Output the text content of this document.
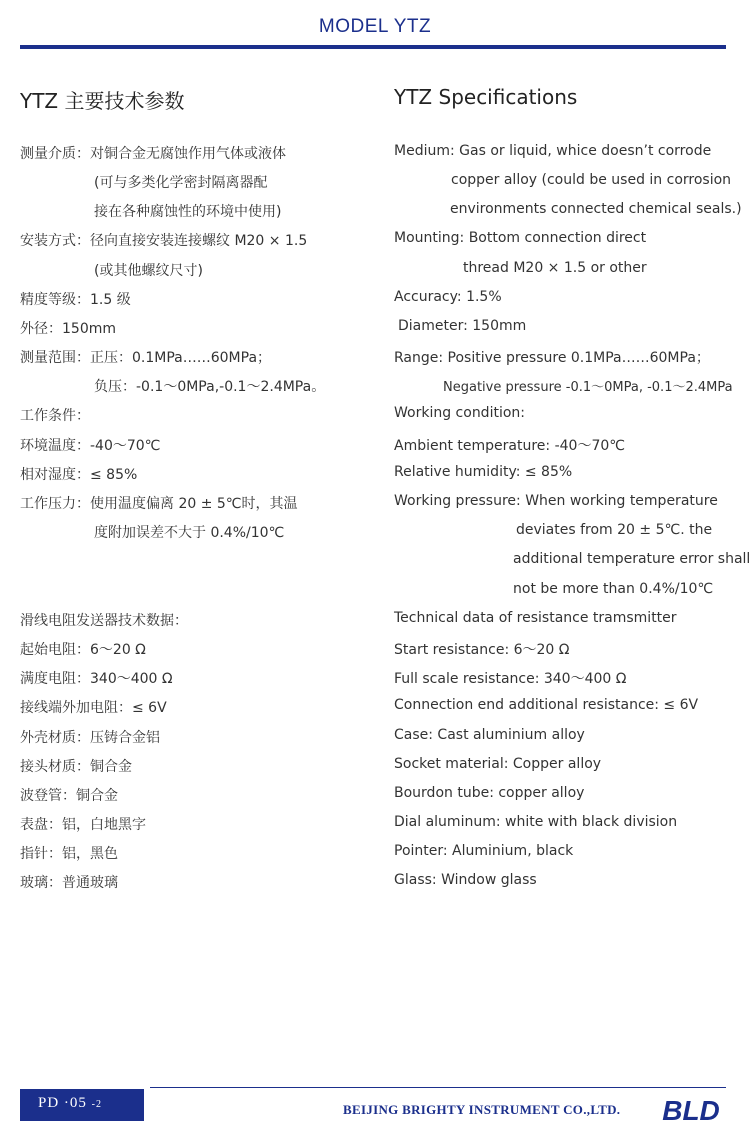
MODEL YTZ
YTZ 主要技术参数	YTZ Specifications
测量介质：对铜合金无腐蚀作用气体或液体
(可与多类化学密封隔离器配
接在各种腐蚀性的环境中使用)
安装方式：径向直接安装连接螺纹 M20 × 1.5
(或其他螺纹尺寸)
精度等级：1.5 级
外径：150mm
测量范围：正压：0.1MPa……60MPa；
负压：-0.1～0MPa,-0.1～2.4MPa。
工作条件：
环境温度：-40～70℃
相对湿度：≤ 85%
工作压力：使用温度偏离 20 ± 5℃时，其温
度附加误差不大于 0.4%/10℃
滑线电阻发送器技术数据：
起始电阻：6～20 Ω
满度电阻：340～400 Ω
接线端外加电阻：≤ 6V
外壳材质：压铸合金铝
接头材质：铜合金
波登管：铜合金
表盘：铝，白地黑字
指针：铝，黑色
玻璃：普通玻璃
Medium: Gas or liquid, whice doesn’t corrode
copper alloy (could be used in corrosion
environments connected chemical seals.)
Mounting: Bottom connection direct
thread M20 × 1.5 or other
Accuracy: 1.5%
Diameter: 150mm
Range: Positive pressure 0.1MPa……60MPa；
Negative pressure -0.1～0MPa, -0.1～2.4MPa
Working condition:
Ambient temperature: -40～70℃
Relative humidity: ≤ 85%
Working pressure: When working temperature
deviates from 20 ± 5℃. the
additional temperature error shall
not be more than 0.4%/10℃
Technical data of resistance tramsmitter
Start resistance: 6～20 Ω
Full scale resistance: 340～400 Ω
Connection end additional resistance: ≤ 6V
Case: Cast aluminium alloy
Socket material: Copper alloy
Bourdon tube: copper alloy
Dial aluminum: white with black division
Pointer: Aluminium, black
Glass: Window glass
PD ·05 -2	BEIJING BRIGHTY INSTRUMENT CO.,LTD. BLD
